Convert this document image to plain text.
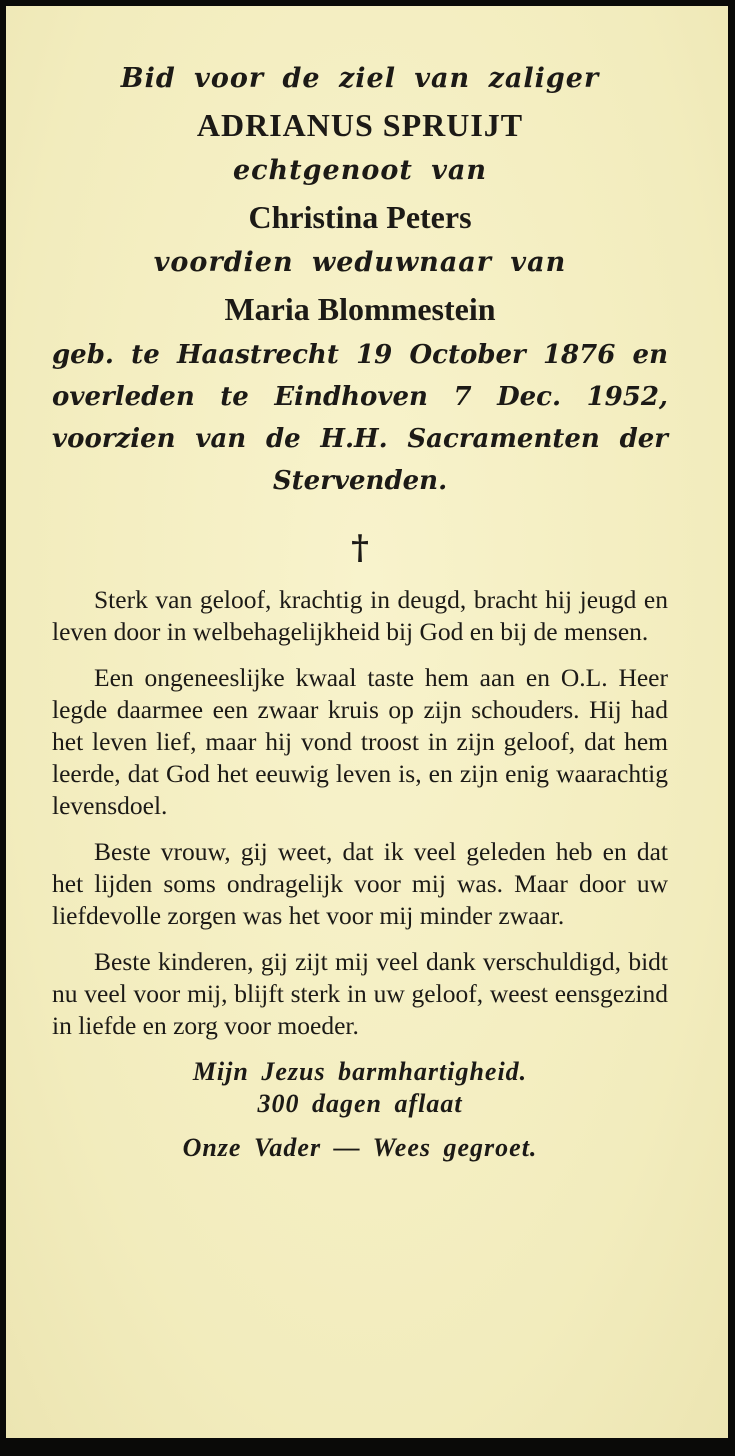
Bid voor de ziel van zaliger

ADRIANUS SPRUIJT

echtgenoot van

Christina Peters

voordien weduwnaar van

Maria Blommestein

geb. te Haastrecht 19 October 1876 en overleden te Eindhoven 7 Dec. 1952, voorzien van de H.H. Sacramenten der Stervenden.

†

Sterk van geloof, krachtig in deugd, bracht hij jeugd en leven door in welbehagelijkheid bij God en bij de mensen.

Een ongeneeslijke kwaal taste hem aan en O.L. Heer legde daarmee een zwaar kruis op zijn schouders. Hij had het leven lief, maar hij vond troost in zijn geloof, dat hem leerde, dat God het eeuwig leven is, en zijn enig waarachtig levensdoel.

Beste vrouw, gij weet, dat ik veel geleden heb en dat het lijden soms ondragelijk voor mij was. Maar door uw liefdevolle zorgen was het voor mij minder zwaar.

Beste kinderen, gij zijt mij veel dank verschuldigd, bidt nu veel voor mij, blijft sterk in uw geloof, weest eensgezind in liefde en zorg voor moeder.

Mijn Jezus barmhartigheid.

300 dagen aflaat

Onze Vader — Wees gegroet.
